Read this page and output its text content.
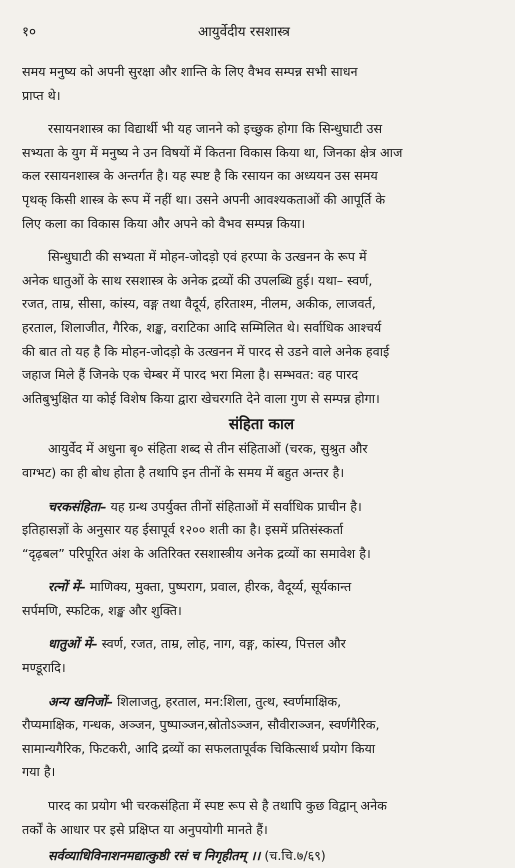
१०	आयुर्वेदीय रसशास्त्र

समय मनुष्य को अपनी सुरक्षा और शान्ति के लिए वैभव सम्पन्न सभी साधन
प्राप्त थे।

रसायनशास्त्र का विद्यार्थी भी यह जानने को इच्छुक होगा कि सिन्धुघाटी उस
सभ्यता के युग में मनुष्य ने उन विषयों में कितना विकास किया था, जिनका क्षेत्र आज
कल रसायनशास्त्र के अन्तर्गत है। यह स्पष्ट है कि रसायन का अध्ययन उस समय
पृथक् किसी शास्त्र के रूप में नहीं था। उसने अपनी आवश्यकताओं की आपूर्ति के
लिए कला का विकास किया और अपने को वैभव सम्पन्न किया।

सिन्धुघाटी की सभ्यता में मोहन-जोदड़ो एवं हरप्पा के उत्खनन के रूप में
अनेक धातुओं के साथ रसशास्त्र के अनेक द्रव्यों की उपलब्धि हुई। यथा– स्वर्ण,
रजत, ताम्र, सीसा, कांस्य, वङ्ग तथा वैदूर्य, हरिताश्म, नीलम, अकीक, लाजवर्त,
हरताल, शिलाजीत, गैरिक, शङ्ख, वराटिका आदि सम्मिलित थे। सर्वाधिक आश्चर्य
की बात तो यह है कि मोहन-जोदड़ो के उत्खनन में पारद से उडने वाले अनेक हवाई
जहाज मिले हैं जिनके एक चेम्बर में पारद भरा मिला है। सम्भवत: वह पारद
अतिबुभुक्षित या कोई विशेष किया द्वारा खेचरगति देने वाला गुण से सम्पन्न होगा।

संहिता काल

आयुर्वेद में अधुना बृ० संहिता शब्द से तीन संहिताओं (चरक, सुश्रुत और
वाग्भट) का ही बोध होता है तथापि इन तीनों के समय में बहुत अन्तर है।

चरकसंहिता– यह ग्रन्थ उपर्युक्त तीनों संहिताओं में सर्वाधिक प्राचीन है।
इतिहासज्ञों के अनुसार यह ईसापूर्व १२०० शती का है। इसमें प्रतिसंस्कर्ता
“दृढ़बल” परिपूरित अंश के अतिरिक्त रसशास्त्रीय अनेक द्रव्यों का समावेश है।

रत्नों में– माणिक्य, मुक्ता, पुष्पराग, प्रवाल, हीरक, वैदूर्य्य, सूर्यकान्त
सर्पमणि, स्फटिक, शङ्ख और शुक्ति।

धातुओं में– स्वर्ण, रजत, ताम्र, लोह, नाग, वङ्ग, कांस्य, पित्तल और
मण्डूरादि।

अन्य खनिजों– शिलाजतु, हरताल, मन:शिला, तुत्थ, स्वर्णमाक्षिक,
रौप्यमाक्षिक, गन्धक, अञ्जन, पुष्पाञ्जन,स्रोतोऽञ्जन, सौवीराञ्जन, स्वर्णगैरिक,
सामान्यगैरिक, फिटकरी, आदि द्रव्यों का सफलतापूर्वक चिकित्सार्थ प्रयोग किया
गया है।

पारद का प्रयोग भी चरकसंहिता में स्पष्ट रूप से है तथापि कुछ विद्वान् अनेक
तर्कों के आधार पर इसे प्रक्षिप्त या अनुपयोगी मानते हैं।

सर्वव्याधिविनाशनमद्यात्कुष्ठी रसं च निगृहीतम् ।। (च.चि.७/६९)
